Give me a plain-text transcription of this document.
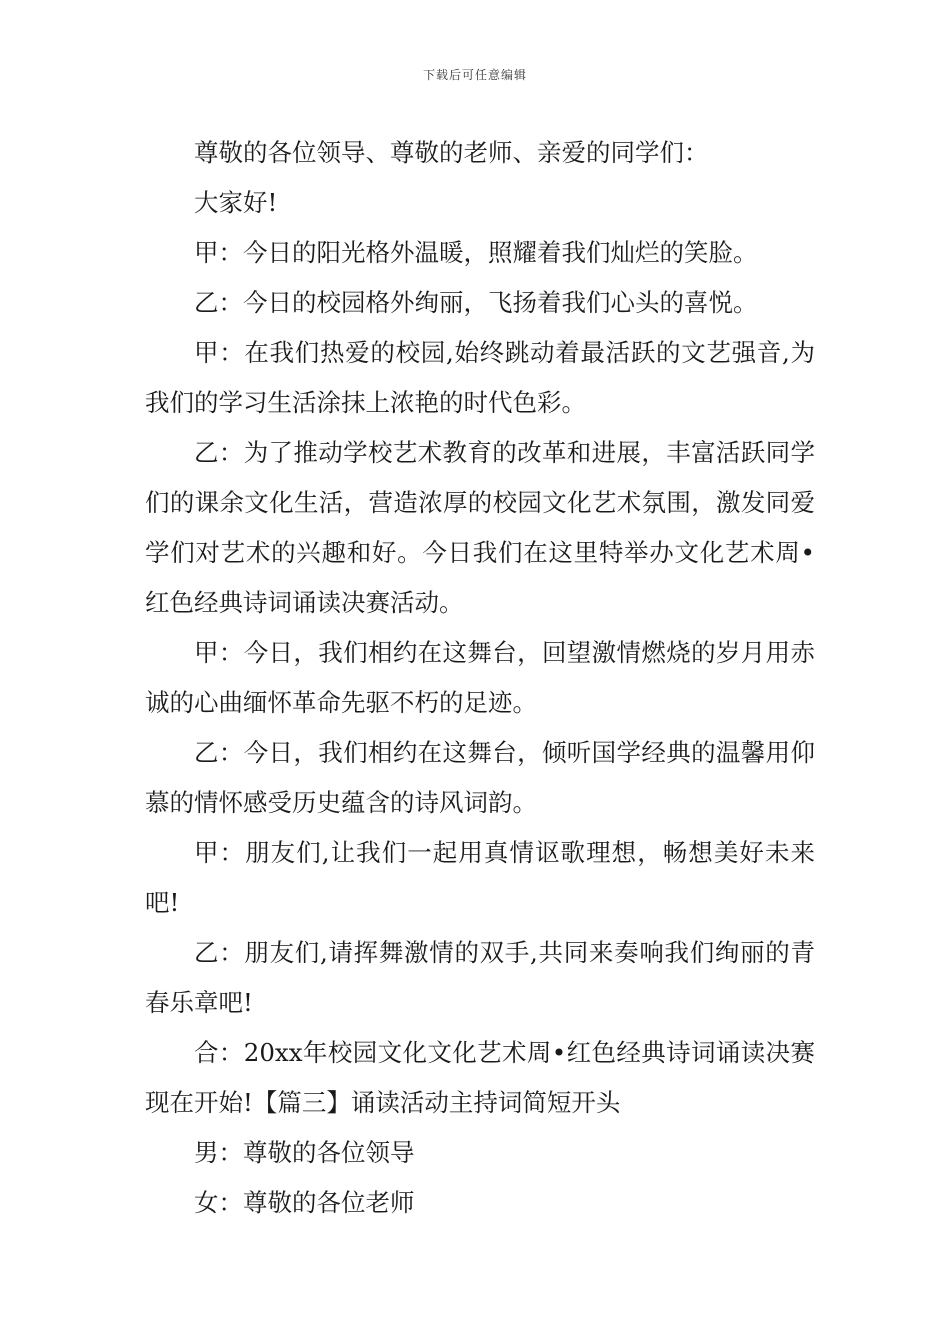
下载后可任意编辑

尊敬的各位领导、尊敬的老师、亲爱的同学们：

大家好!

甲：今日的阳光格外温暖，照耀着我们灿烂的笑脸。

乙：今日的校园格外绚丽，飞扬着我们心头的喜悦。

甲：在我们热爱的校园,始终跳动着最活跃的文艺强音,为我们的学习生活涂抹上浓艳的时代色彩。

乙：为了推动学校艺术教育的改革和进展，丰富活跃同学们的课余文化生活，营造浓厚的校园文化艺术氛围，激发同爱学们对艺术的兴趣和好。今日我们在这里特举办文化艺术周•红色经典诗词诵读决赛活动。

甲：今日，我们相约在这舞台，回望激情燃烧的岁月用赤诚的心曲缅怀革命先驱不朽的足迹。

乙：今日，我们相约在这舞台，倾听国学经典的温馨用仰慕的情怀感受历史蕴含的诗风词韵。

甲：朋友们,让我们一起用真情讴歌理想，畅想美好未来吧!

乙：朋友们,请挥舞激情的双手,共同来奏响我们绚丽的青春乐章吧!

合：20xx年校园文化文化艺术周•红色经典诗词诵读决赛现在开始!【篇三】诵读活动主持词简短开头

男：尊敬的各位领导

女：尊敬的各位老师
